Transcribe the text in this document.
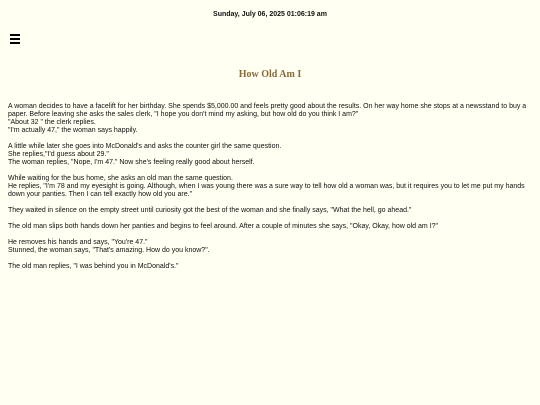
Sunday, July 06, 2025 01:06:19 am
How Old Am I

A woman decides to have a facelift for her birthday. She spends $5,000.00 and feels pretty good about the results. On her way home she stops at a newsstand to buy a paper. Before leaving she asks the sales clerk, "I hope you don't mind my asking, but how old do you think I am?"
"About 32 " the clerk replies.
"I'm actually 47," the woman says happily.

A little while later she goes into McDonald's and asks the counter girl the same question.
She replies,"I'd guess about 29."
The woman replies, "Nope, I'm 47." Now she's feeling really good about herself.

While waiting for the bus home, she asks an old man the same question.
He replies, "I'm 78 and my eyesight is going. Although, when I was young there was a sure way to tell how old a woman was, but it requires you to let me put my hands down your panties. Then I can tell exactly how old you are."

They waited in silence on the empty street until curiosity got the best of the woman and she finally says, "What the hell, go ahead."

The old man slips both hands down her panties and begins to feel around. After a couple of minutes she says, "Okay, Okay, how old am I?"

He removes his hands and says, "You're 47."
Stunned, the woman says, "That's amazing. How do you know?".

The old man replies, "I was behind you in McDonald's."
